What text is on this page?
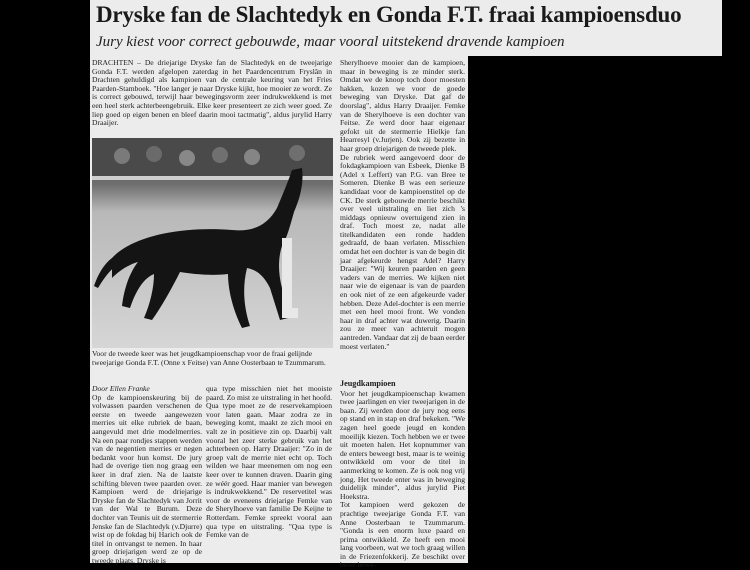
Dryske fan de Slachtedyk en Gonda F.T. fraai kampioensduo
Jury kiest voor correct gebouwde, maar vooral uitstekend dravende kampioen

DRACHTEN – De driejarige Dryske fan de Slachtedyk en de tweejarige Gonda F.T. werden afgelopen zaterdag in het Paardencentrum Fryslân in Drachten gehuldigd als kampioen van de centrale keuring van het Fries Paarden-Stamboek. "Hoe langer je naar Dryske kijkt, hoe mooier ze wordt. Ze is correct gebouwd, terwijl haar bewegingsvorm zeer indrukwekkend is met een heel sterk achterbeengebruik. Elke keer presenteert ze zich weer goed. Ze liep goed op eigen benen en bleef daarin mooi tactmatig", aldus jurylid Harry Draaijer.

Voor de tweede keer was het jeugdkampioenschap voor de fraai gelijnde tweejarige Gonda F.T. (Onne x Feitse) van Anne Oosterbaan te Tzummarum.

Sherylhoeve mooier dan de kampioen, maar in beweging is ze minder sterk. Omdat we de knoop toch door moesten hakken, kozen we voor de goede beweging van Dryske. Dat gaf de doorslag", aldus Harry Draaijer. Femke van de Sherylhoeve is een dochter van Feitse. Ze werd door haar eigenaar gefokt uit de stermerrie Hielkje fan Hearresyl (v.Jurjen). Ook zij bezette in haar groep driejarigen de tweede plek.

De rubriek werd aangevoerd door de fokdagkampioen van Esbeek, Dienke B (Adel x Leffert) van P.G. van Bree te Someren. Dienke B was een serieuze kandidaat voor de kampioenstitel op de CK. De sterk gebouwde merrie beschikt over veel uitstraling en liet zich 's middags opnieuw overtuigend zien in draf. Toch moest ze, nadat alle titelkandidaten een ronde hadden gedraafd, de baan verlaten. Misschien omdat het een dochter is van de begin dit jaar afgekeurde hengst Adel? Harry Draaijer: "Wij keuren paarden en geen vaders van de merries. We kijken niet naar wie de eigenaar is van de paarden en ook niet of ze een afgekeurde vader hebben. Deze Adel-dochter is een merrie met een heel mooi front. We vonden haar in draf achter wat duwerig. Daarin zou ze meer van achteruit mogen aantreden. Vandaar dat zij de baan eerder moest verlaten."

Jeugdkampioen

Voor het jeugdkampioenschap kwamen twee jaarlingen en vier tweejarigen in de baan. Zij werden door de jury nog eens op stand en in stap en draf bekeken. "We zagen heel goede jeugd en konden moeilijk kiezen. Toch hebben we er twee uit moeten halen. Het kopnummer van de enters beweegt best, maar is te weinig ontwikkeld om voor de titel in aanmerking te komen. Ze is ook nog vrij jong. Het tweede enter was in beweging duidelijk minder", aldus jurylid Piet Hoekstra.

Tot kampioen werd gekozen de prachtige tweejarige Gonda F.T. van Anne Oosterbaan te Tzummarum. "Gonda is een enorm luxe paard en prima ontwikkeld. Ze heeft een mooi lang voorbeen, wat we toch graag willen in de Friezenfokkerij. Ze beschikt over beste bewe-

Door Ellen Franke

Op de kampioenskeuring bij de volwassen paarden verschenen de eerste en tweede aangewezen merries uit elke rubriek de baan, aangevuld met drie modelmerries. Na een paar rondjes stappen werden van de negentien merries er negen bedankt voor hun komst. De jury had de overige tien nog graag een keer in draf zien. Na de laatste schifting bleven twee paarden over. Kampioen werd de driejarige Dryske fan de Slachtedyk van Jorrit van der Wal te Burum. Deze dochter van Teunis uit de stermerrie Jenske fan de Slachtedyk (v.Djurre) wist op de fokdag bij Harich ook de titel in ontvangst te nemen. In haar groep driejarigen werd ze op de tweede plaats. Dryske is

qua type misschien niet het mooiste paard. Zo mist ze uitstraling in het hoofd. Qua type moet ze de reservekampioen voor laten gaan. Maar zodra ze in beweging komt, maakt ze zich mooi en valt ze in positieve zin op. Daarbij valt vooral het zeer sterke gebruik van het achterbeen op. Harry Draaijer: "Zo in de groep valt de merrie niet echt op. Toch wilden we haar meenemen om nog een keer over te kunnen draven. Daarin ging ze wéér goed. Haar manier van bewegen is indrukwekkend." De reservetitel was voor de eveneens driejarige Femke van de Sherylhoeve van familie De Keijne te Rotterdam. Femke spreekt vooral aan qua type en uitstraling. "Qua type is Femke van de
